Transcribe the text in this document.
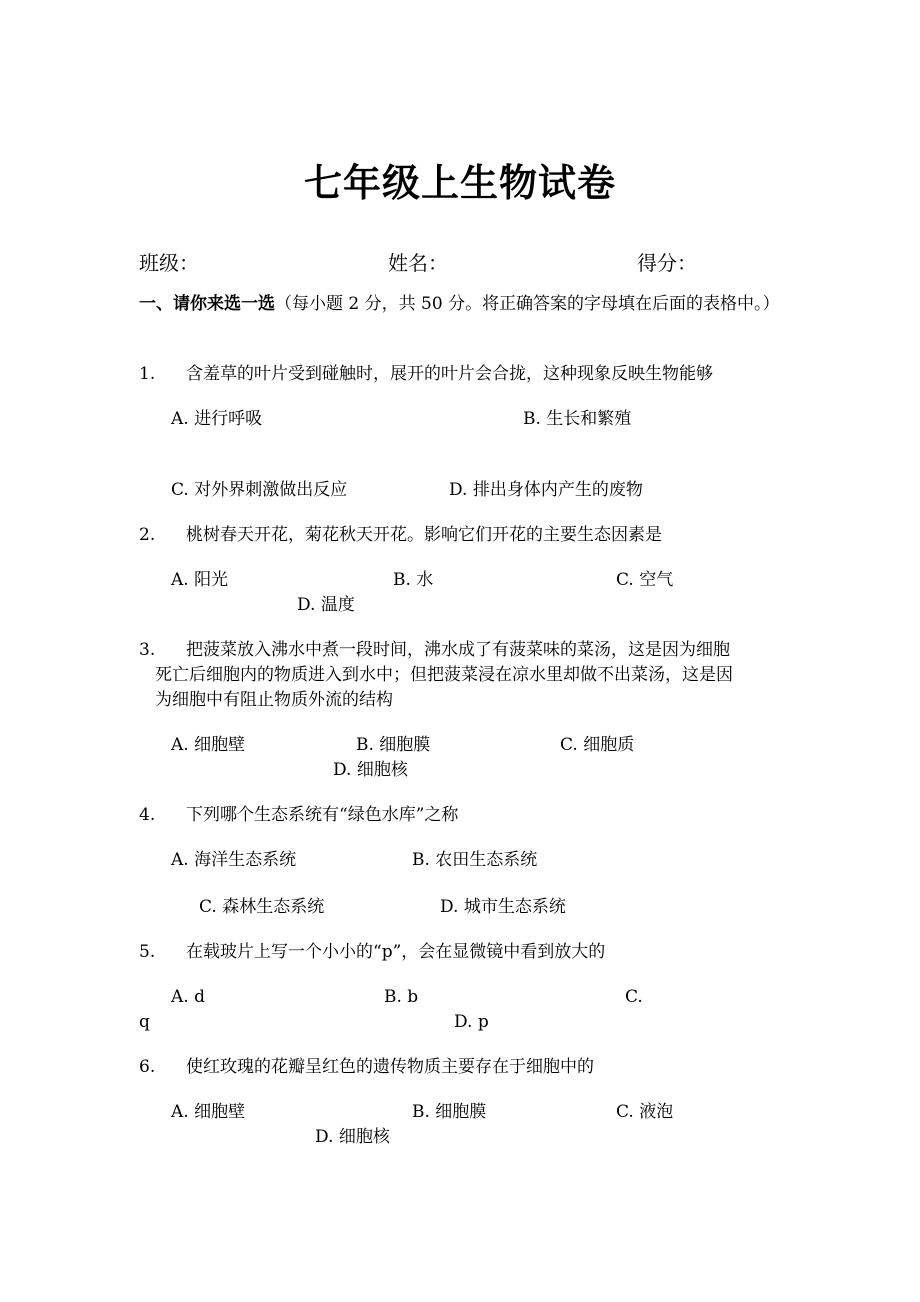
七年级上生物试卷
班级：	姓名：	得分：
一、请你来选一选（每小题 2 分，共 50 分。将正确答案的字母填在后面的表格中。）
1. 含羞草的叶片受到碰触时，展开的叶片会合拢，这种现象反映生物能够
A. 进行呼吸	B. 生长和繁殖
C. 对外界刺激做出反应	D. 排出身体内产生的废物
2. 桃树春天开花，菊花秋天开花。影响它们开花的主要生态因素是
A. 阳光	B. 水	C. 空气
D. 温度
3. 把菠菜放入沸水中煮一段时间，沸水成了有菠菜味的菜汤，这是因为细胞
死亡后细胞内的物质进入到水中；但把菠菜浸在凉水里却做不出菜汤，这是因
为细胞中有阻止物质外流的结构
A. 细胞壁	B. 细胞膜	C. 细胞质
D. 细胞核
4. 下列哪个生态系统有“绿色水库”之称
A. 海洋生态系统	B. 农田生态系统
C. 森林生态系统	D. 城市生态系统
5. 在载玻片上写一个小小的“p”，会在显微镜中看到放大的
A. d	B. b	C.
q	D. p
6. 使红玫瑰的花瓣呈红色的遗传物质主要存在于细胞中的
A. 细胞壁	B. 细胞膜	C. 液泡
D. 细胞核
